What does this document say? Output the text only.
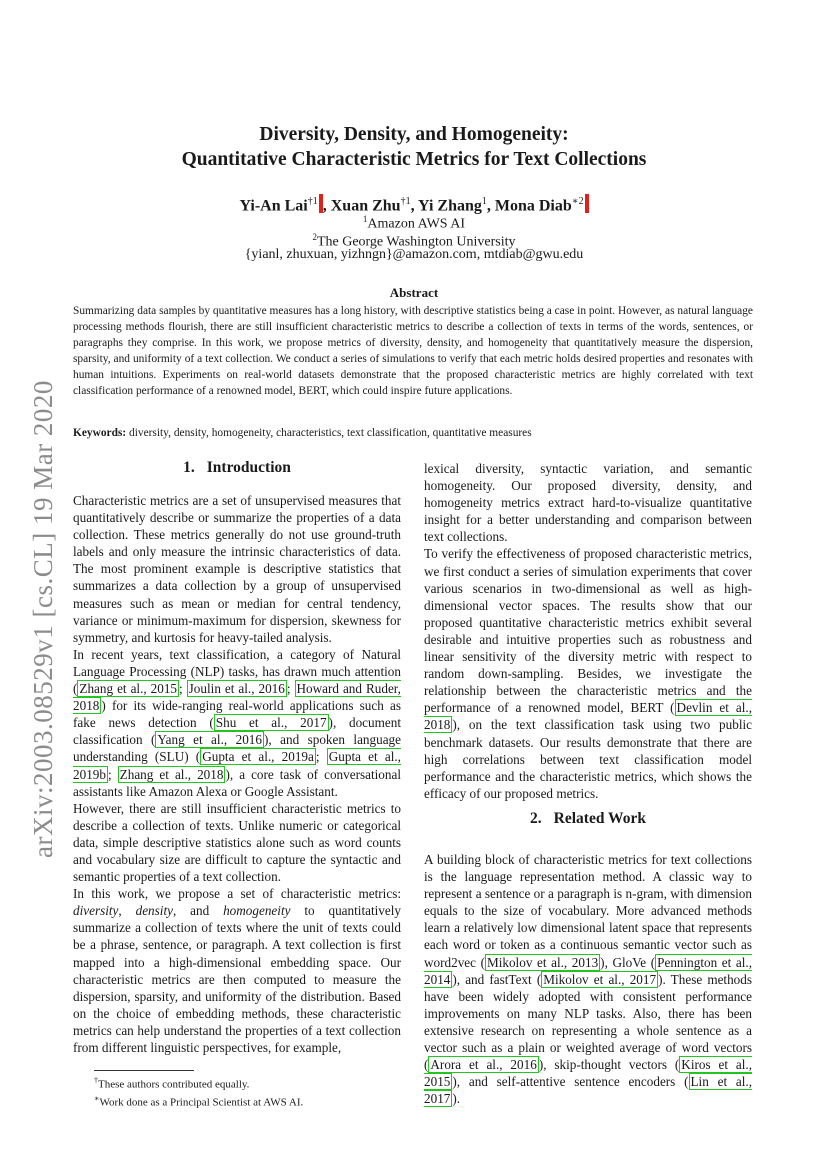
arXiv:2003.08529v1 [cs.CL] 19 Mar 2020
Diversity, Density, and Homogeneity:
Quantitative Characteristic Metrics for Text Collections
Yi-An Lai$^{\dagger 1}$ , Xuan Zhu$^{\dagger 1}$, Yi Zhang$^1$, Mona Diab$^{∗2}$
$^1$Amazon AWS AI
$^2$The George Washington University
{yianl, zhuxuan, yizhngn}@amazon.com, mtdiab@gwu.edu
Abstract
Summarizing data samples by quantitative measures has a long history, with descriptive statistics being a case in point. However, as natural language processing methods flourish, there are still insufficient characteristic metrics to describe a collection of texts in terms of the words, sentences, or paragraphs they comprise. In this work, we propose metrics of diversity, density, and homogeneity that quantitatively measure the dispersion, sparsity, and uniformity of a text collection. We conduct a series of simulations to verify that each metric holds desired properties and resonates with human intuitions. Experiments on real-world datasets demonstrate that the proposed characteristic metrics are highly correlated with text classification performance of a renowned model, BERT, which could inspire future applications.
Keywords: diversity, density, homogeneity, characteristics, text classification, quantitative measures
1. Introduction

Characteristic metrics are a set of unsupervised measures that quantitatively describe or summarize the properties of a data collection. These metrics generally do not use ground-truth labels and only measure the intrinsic characteristics of data. The most prominent example is descriptive statistics that summarizes a data collection by a group of unsupervised measures such as mean or median for central tendency, variance or minimum-maximum for dispersion, skewness for symmetry, and kurtosis for heavy-tailed analysis.

In recent years, text classification, a category of Natural Language Processing (NLP) tasks, has drawn much attention ( Zhang et al., 2015 ; Joulin et al., 2016 ; Howard and Ruder, 2018 ) for its wide-ranging real-world applications such as fake news detection ( Shu et al., 2017 ), document classification ( Yang et al., 2016 ), and spoken language understanding (SLU) ( Gupta et al., 2019a ; Gupta et al., 2019b ; Zhang et al., 2018 ), a core task of conversational assistants like Amazon Alexa or Google Assistant.

However, there are still insufficient characteristic metrics to describe a collection of texts. Unlike numeric or categorical data, simple descriptive statistics alone such as word counts and vocabulary size are difficult to capture the syntactic and semantic properties of a text collection.

In this work, we propose a set of characteristic metrics: diversity, density, and homogeneity to quantitatively summarize a collection of texts where the unit of texts could be a phrase, sentence, or paragraph. A text collection is first mapped into a high-dimensional embedding space. Our characteristic metrics are then computed to measure the dispersion, sparsity, and uniformity of the distribution. Based on the choice of embedding methods, these characteristic metrics can help understand the properties of a text collection from different linguistic perspectives, for example,

lexical diversity, syntactic variation, and semantic homogeneity. Our proposed diversity, density, and homogeneity metrics extract hard-to-visualize quantitative insight for a better understanding and comparison between text collections.

To verify the effectiveness of proposed characteristic metrics, we first conduct a series of simulation experiments that cover various scenarios in two-dimensional as well as high-dimensional vector spaces. The results show that our proposed quantitative characteristic metrics exhibit several desirable and intuitive properties such as robustness and linear sensitivity of the diversity metric with respect to random down-sampling. Besides, we investigate the relationship between the characteristic metrics and the performance of a renowned model, BERT ( Devlin et al., 2018 ), on the text classification task using two public benchmark datasets. Our results demonstrate that there are high correlations between text classification model performance and the characteristic metrics, which shows the efficacy of our proposed metrics.

2. Related Work

A building block of characteristic metrics for text collections is the language representation method. A classic way to represent a sentence or a paragraph is n-gram, with dimension equals to the size of vocabulary. More advanced methods learn a relatively low dimensional latent space that represents each word or token as a continuous semantic vector such as word2vec ( Mikolov et al., 2013 ), GloVe ( Pennington et al., 2014 ), and fastText ( Mikolov et al., 2017 ). These methods have been widely adopted with consistent performance improvements on many NLP tasks. Also, there has been extensive research on representing a whole sentence as a vector such as a plain or weighted average of word vectors ( Arora et al., 2016 ), skip-thought vectors ( Kiros et al., 2015 ), and self-attentive sentence encoders ( Lin et al., 2017 ).

†These authors contributed equally.
∗Work done as a Principal Scientist at AWS AI.
